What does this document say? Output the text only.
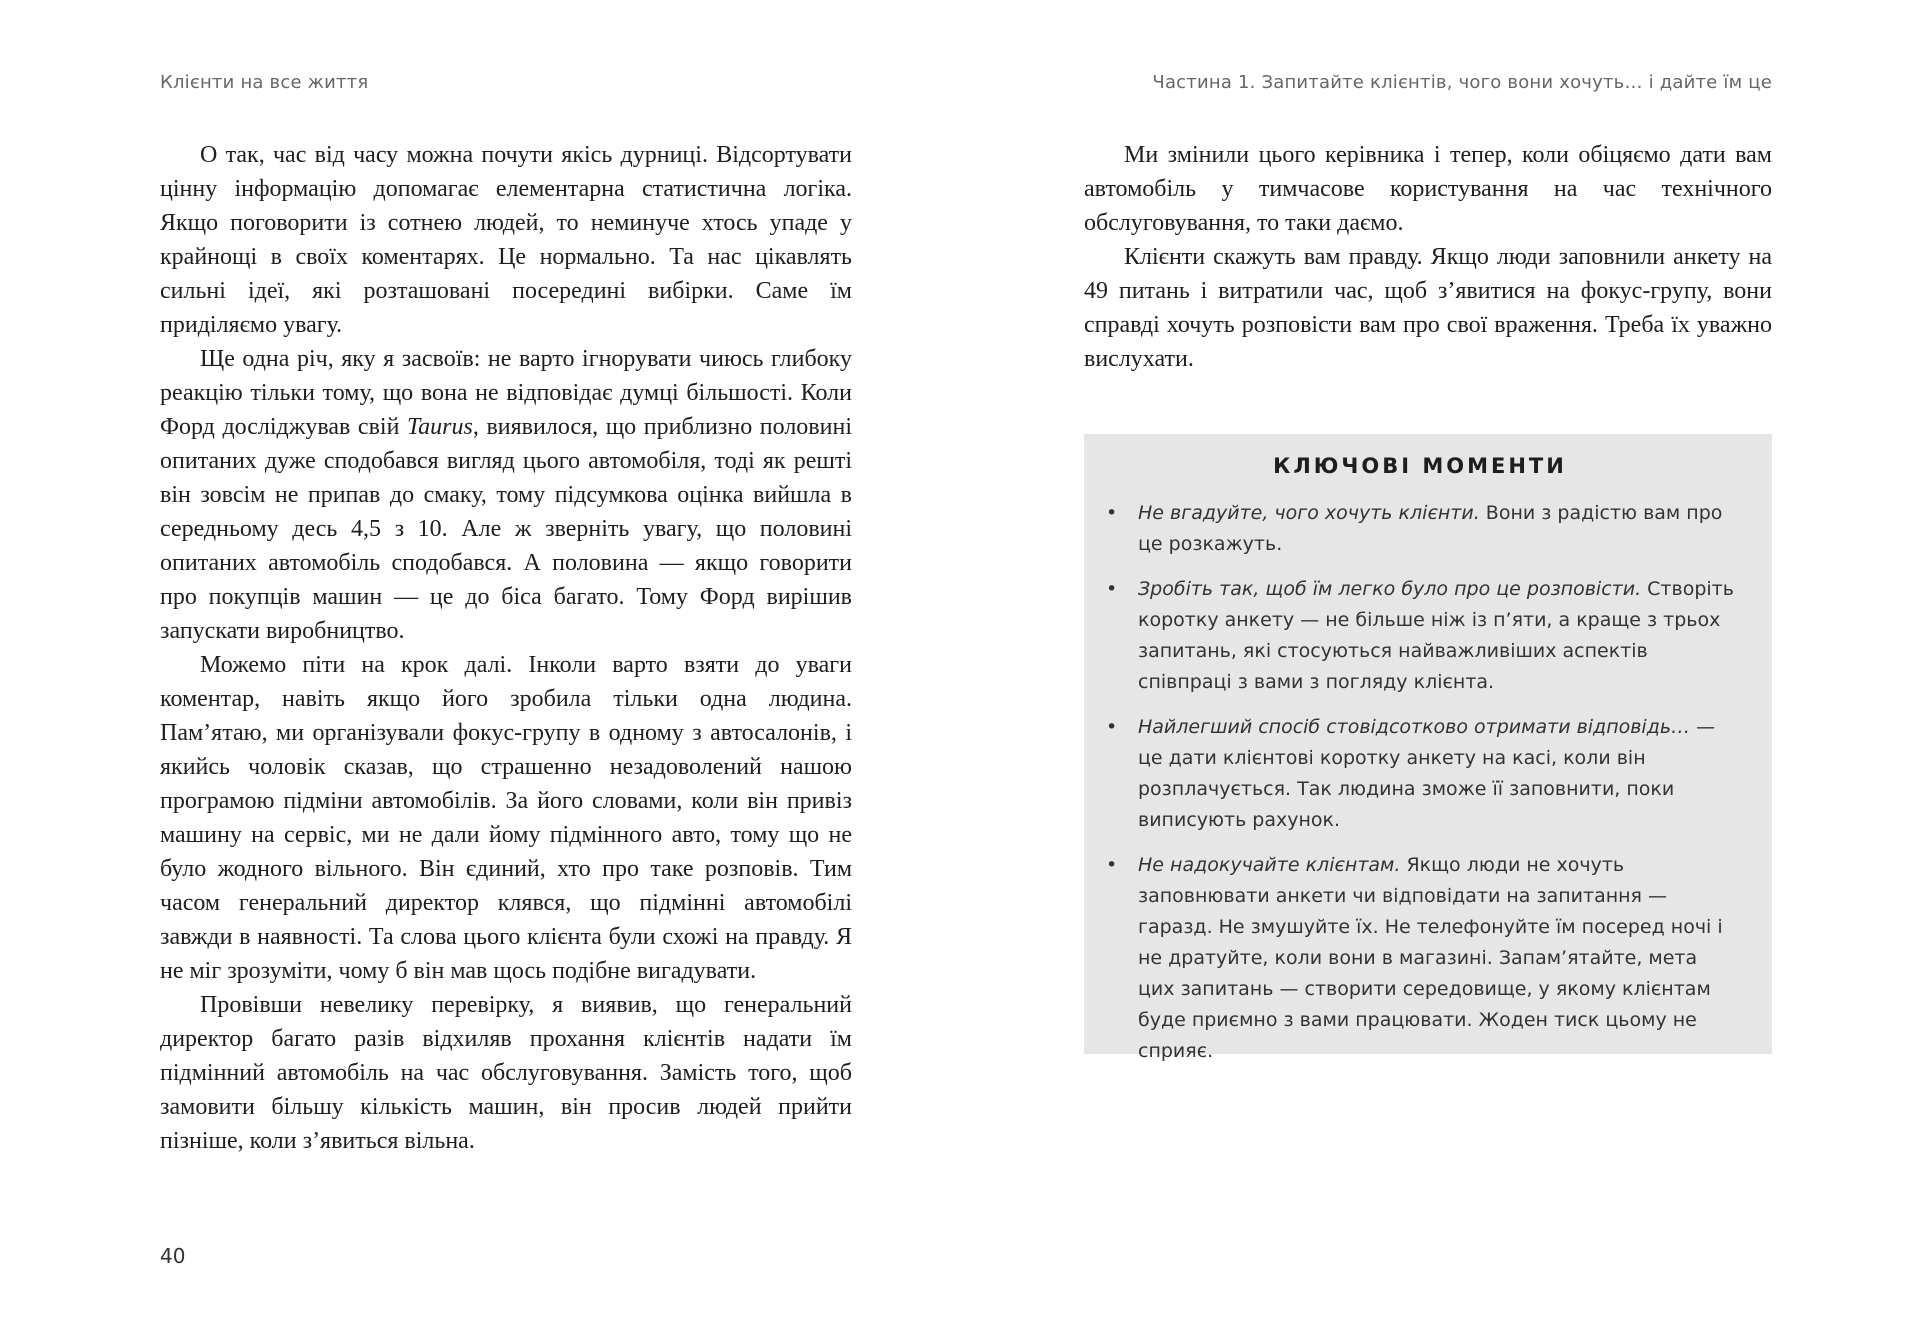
Клієнти на все життя

О так, час від часу можна почути якісь дурниці. Відсортувати цінну інформацію допомагає елементарна статистична логіка. Якщо поговорити із сотнею людей, то неминуче хтось упаде у крайнощі в своїх коментарях. Це нормально. Та нас цікавлять сильні ідеї, які розташовані посередині вибірки. Саме їм приділяємо увагу.

Ще одна річ, яку я засвоїв: не варто ігнорувати чиюсь глибоку реакцію тільки тому, що вона не відповідає думці більшості. Коли Форд досліджував свій Taurus, виявилося, що приблизно половині опитаних дуже сподобався вигляд цього автомобіля, тоді як решті він зовсім не припав до смаку, тому підсумкова оцінка вийшла в середньому десь 4,5 з 10. Але ж зверніть увагу, що половині опитаних автомобіль сподобався. А половина — якщо говорити про покупців машин — це до біса багато. Тому Форд вирішив запускати виробництво.

Можемо піти на крок далі. Інколи варто взяти до уваги коментар, навіть якщо його зробила тільки одна людина. Пам’ятаю, ми організували фокус-групу в одному з автосалонів, і якийсь чоловік сказав, що страшенно незадоволений нашою програмою підміни автомобілів. За його словами, коли він привіз машину на сервіс, ми не дали йому підмінного авто, тому що не було жодного вільного. Він єдиний, хто про таке розповів. Тим часом генеральний директор клявся, що підмінні автомобілі завжди в наявності. Та слова цього клієнта були схожі на правду. Я не міг зрозуміти, чому б він мав щось подібне вигадувати.

Провівши невелику перевірку, я виявив, що генеральний директор багато разів відхиляв прохання клієнтів надати їм підмінний автомобіль на час обслуговування. Замість того, щоб замовити більшу кількість машин, він просив людей прийти пізніше, коли з’явиться вільна.

40

Частина 1. Запитайте клієнтів, чого вони хочуть… і дайте їм це

Ми змінили цього керівника і тепер, коли обіцяємо дати вам автомобіль у тимчасове користування на час технічного обслуговування, то таки даємо.

Клієнти скажуть вам правду. Якщо люди заповнили анкету на 49 питань і витратили час, щоб з’явитися на фокус-групу, вони справді хочуть розповісти вам про свої враження. Треба їх уважно вислухати.

КЛЮЧОВІ МОМЕНТИ
• Не вгадуйте, чого хочуть клієнти. Вони з радістю вам про це розкажуть.
• Зробіть так, щоб їм легко було про це розповісти. Створіть коротку анкету — не більше ніж із п’яти, а краще з трьох запитань, які стосуються найважливіших аспектів співпраці з вами з погляду клієнта.
• Найлегший спосіб стовідсотково отримати відповідь… — це дати клієнтові коротку анкету на касі, коли він розплачується. Так людина зможе її заповнити, поки виписують рахунок.
• Не надокучайте клієнтам. Якщо люди не хочуть заповнювати анкети чи відповідати на запитання — гаразд. Не змушуйте їх. Не телефонуйте їм посеред ночі і не дратуйте, коли вони в магазині. Запам’ятайте, мета цих запитань — створити середовище, у якому клієнтам буде приємно з вами працювати. Жоден тиск цьому не сприяє.
